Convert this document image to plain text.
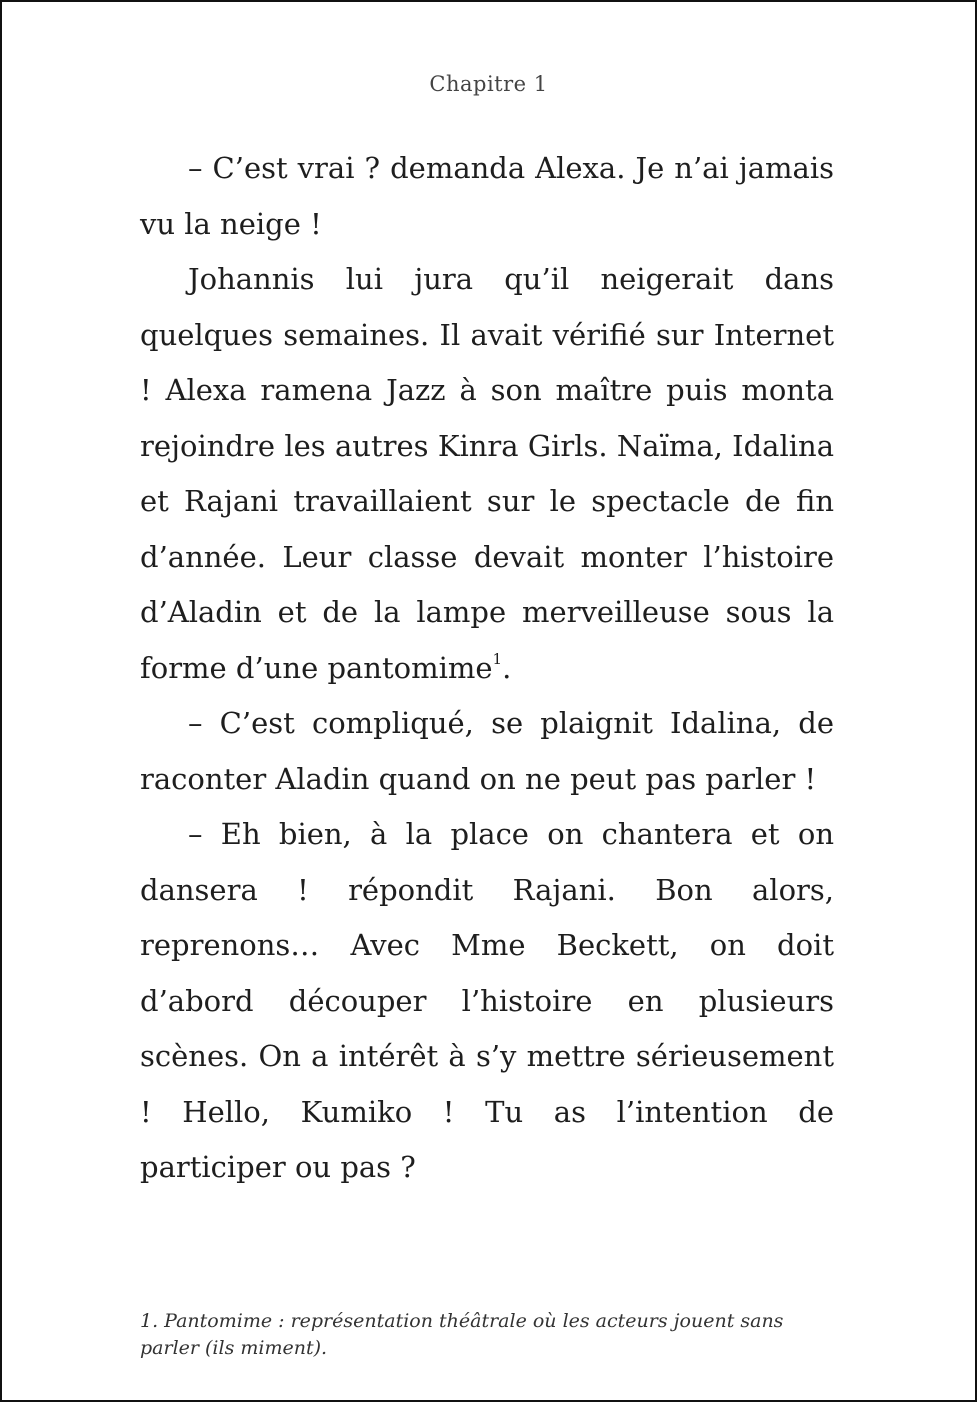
Chapitre 1

– C’est vrai ? demanda Alexa. Je n’ai jamais vu la neige !

Johannis lui jura qu’il neigerait dans quelques semaines. Il avait vérifié sur Internet ! Alexa ramena Jazz à son maître puis monta rejoindre les autres Kinra Girls. Naïma, Idalina et Rajani travaillaient sur le spectacle de fin d’année. Leur classe devait monter l’histoire d’Aladin et de la lampe merveilleuse sous la forme d’une pantomime$^1$.

– C’est compliqué, se plaignit Idalina, de raconter Aladin quand on ne peut pas parler !

– Eh bien, à la place on chantera et on dansera ! répondit Rajani. Bon alors, reprenons… Avec Mme Beckett, on doit d’abord découper l’histoire en plusieurs scènes. On a intérêt à s’y mettre sérieusement ! Hello, Kumiko ! Tu as l’intention de participer ou pas ?

1. Pantomime : représentation théâtrale où les acteurs jouent sans parler (ils miment).
